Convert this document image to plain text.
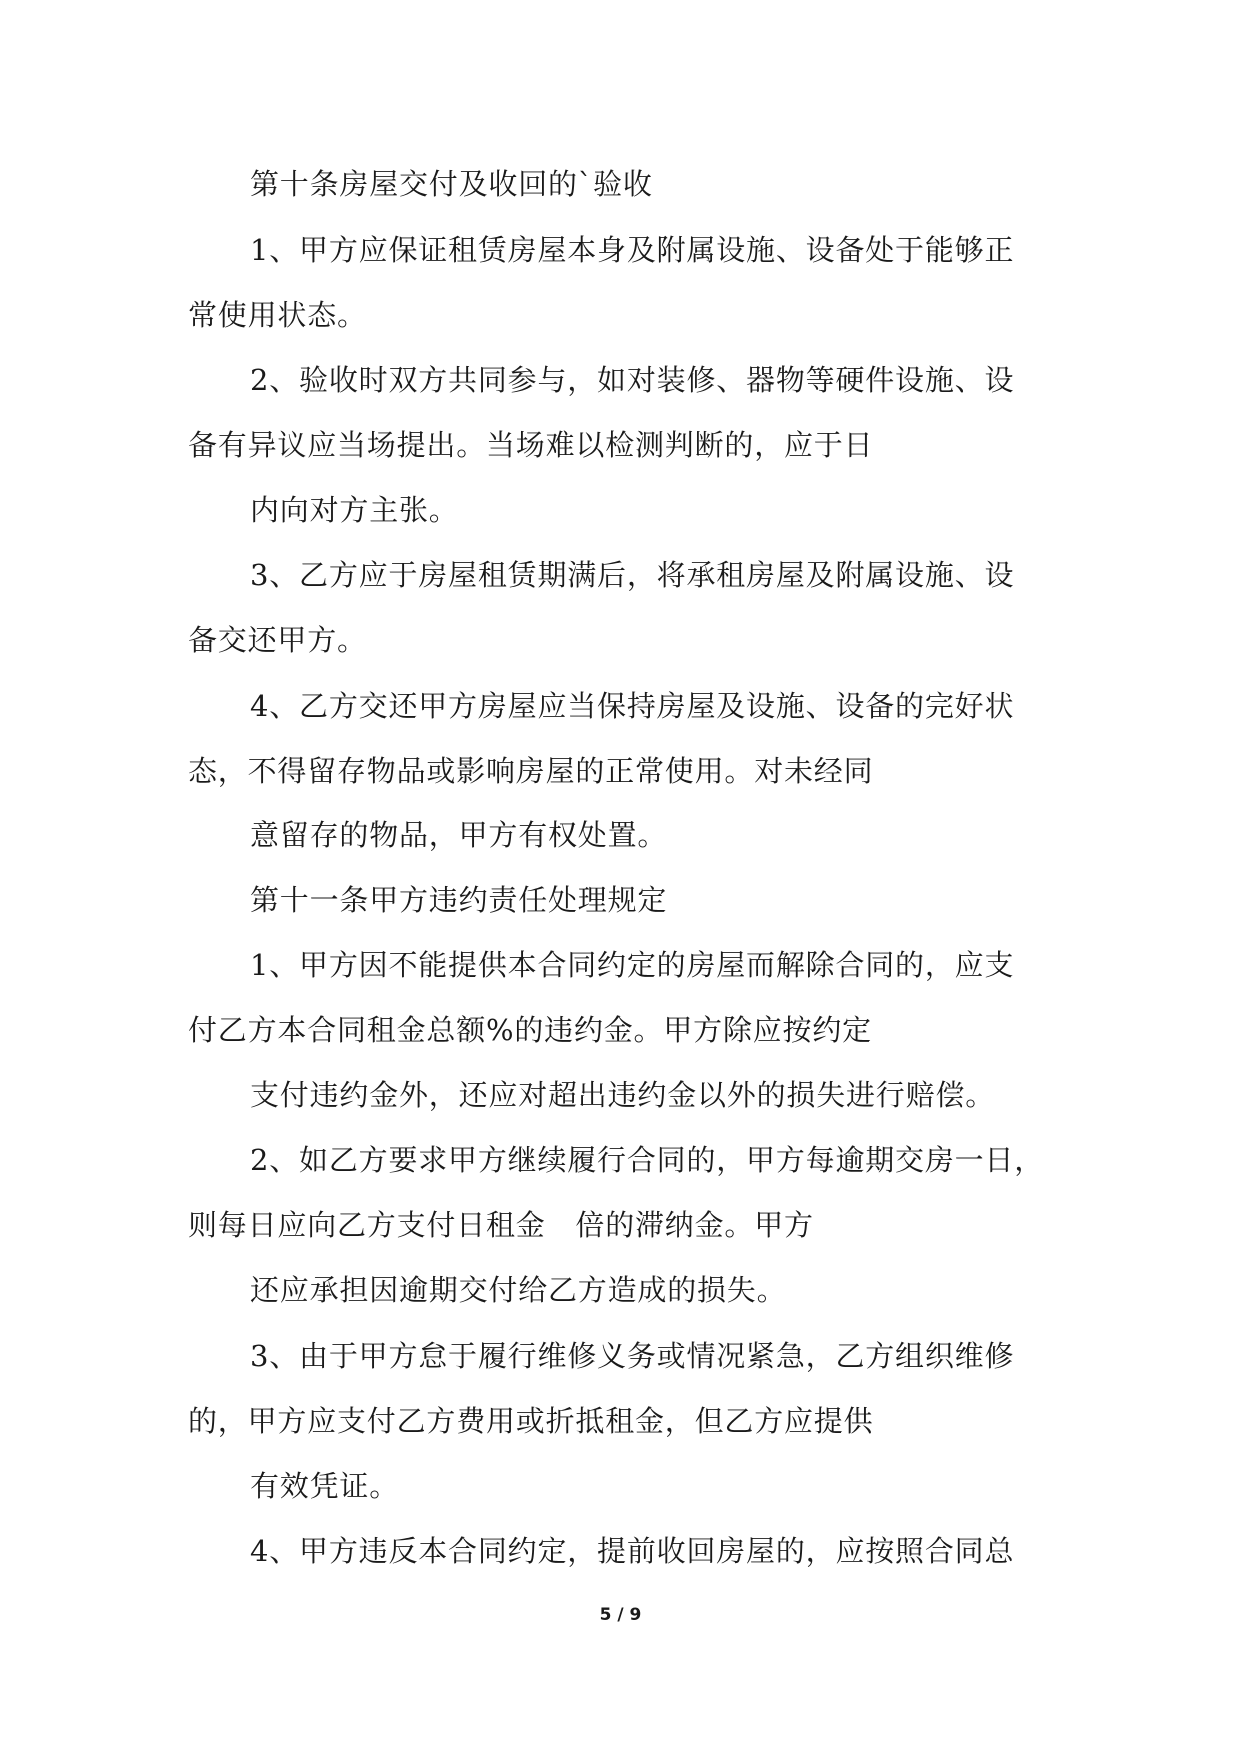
第十条房屋交付及收回的`验收
1、甲方应保证租赁房屋本身及附属设施、设备处于能够正
常使用状态。
2、验收时双方共同参与，如对装修、器物等硬件设施、设
备有异议应当场提出。当场难以检测判断的，应于日
内向对方主张。
3、乙方应于房屋租赁期满后，将承租房屋及附属设施、设
备交还甲方。
4、乙方交还甲方房屋应当保持房屋及设施、设备的完好状
态，不得留存物品或影响房屋的正常使用。对未经同
意留存的物品，甲方有权处置。
第十一条甲方违约责任处理规定
1、甲方因不能提供本合同约定的房屋而解除合同的，应支
付乙方本合同租金总额%的违约金。甲方除应按约定
支付违约金外，还应对超出违约金以外的损失进行赔偿。
2、如乙方要求甲方继续履行合同的，甲方每逾期交房一日，
则每日应向乙方支付日租金　倍的滞纳金。甲方
还应承担因逾期交付给乙方造成的损失。
3、由于甲方怠于履行维修义务或情况紧急，乙方组织维修
的，甲方应支付乙方费用或折抵租金，但乙方应提供
有效凭证。
4、甲方违反本合同约定，提前收回房屋的，应按照合同总
5 / 9
